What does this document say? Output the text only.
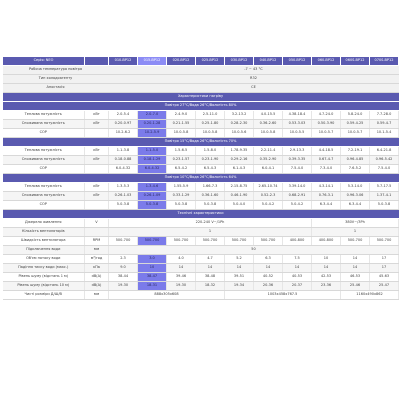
Серія: NEO		010-BP12	015-BP12	020-BP12	025-BP12	030-BP12	040-BP12	050-BP12	060-BP12	060S-BP12	070S-BP12
Робоча температура повітря		-7 ~ 43 °С									
Тип холодоагенту		R32									
Апостасія		CE									
Характеристики нагріву											
Повітря 27°С/Вода 26°С/Вологість 80%											
Теплова потужність	кВт	2.0-5.4	2.0-7.0	2.4-9.0	2.5-11.0	3.2-13.2	4.0-15.5	4.38-18.4	4.7-24.0	5.8-24.0	7.7-28.0
Споживана потужність	кВт	0.20-0.97	0.20-1.28	0.21-1.55	0.25-1.80	0.28-2.30	0.36-2.60	0.53-3.03	0.50-3.90	0.59-4.25	0.59-4.7
COP		10.2-6.2	10.2-5.9	10.0-5.8	10.0-5.8	10.0-5.6	10.0-5.8	10.0-5.5	10.0-5.7	10.0-5.7	10.1-5.4
Повітря 15°С/Вода 26°С/Вологість 70%											
Теплова потужність	кВт	1.1-3.8	1.1-5.0	1.5-6.5	1.5-8.0	1.78-9.35	2.2-11.4	2.9-13.3	4.4-18.5	7.2-19.1	6.4-21.8
Споживана потужність	кВт	0.18-0.88	0.18-1.29	0.23-1.57	0.23-1.90	0.29-2.16	0.35-2.90	0.39-3.35	0.67-4.7	0.96-4.85	0.96-5.42
COP		6.0-4.32	6.0-4.32	6.5-4.2	6.5-4.3	6.1-4.3	6.0-4.1	7.5-4.0	7.3-4.0	7.6-5.2	7.5-4.0
Повітря 10°С/Вода 26°С/Вологість 64%											
Теплова потужність	кВт	1.3-5.3	1.3-4.6	1.55-5.9	1.66-7.3	2.15-8.75	2.65-10.74	3.39-14.0	4.3-14.1	5.3-14.0	5.7-17.5
Споживана потужність	кВт	0.26-1.03	0.26-1.09	0.33-1.29	0.36-1.60	0.46-1.90	0.52-2.3	0.68-2.91	0.76-3.1	0.96-3.06	1.37-4.1
COP		5.0-3.8	5.0-3.8	5.0-3.8	5.0-3.8	5.0-4.0	5.0-4.2	5.0-4.2	6.3-4.4	6.3-4.4	5.0-3.8
Технічні характеристики											
Джерело живлення	V	220-240 V~/1Ph							380V~/3Ph		
Кількість вентиляторів		1							1		
Швидкість вентилятора	RPM	500-700	500-700	500-700	500-700	500-700	500-700	400-800	400-800	500-700	500-700
Підключення води	мм	50									
Об'єм потоку води	м³/год	2.3	3.0	4.0	4.7	5.2	6.3	7.5	10	14	17
Падіння тиску води (макс.)	кПа	9.0	10	14	14	14	14	14	14	14	17
Рівень шуму (відстань 1 м)	dB(A)	38-44	38-47	39-46	38-48	39-51	40-52	40-53	42-53	46-53	45-63
Рівень шуму (відстань 10 м)	dB(A)	19-30	18-31	19-30	18-32	19-34	20-36	20-37	23-36	25-46	25-47
Чисті розміри Д/Ш/В	мм	888x305x608				1003x458x767.5				1160x490x862	
